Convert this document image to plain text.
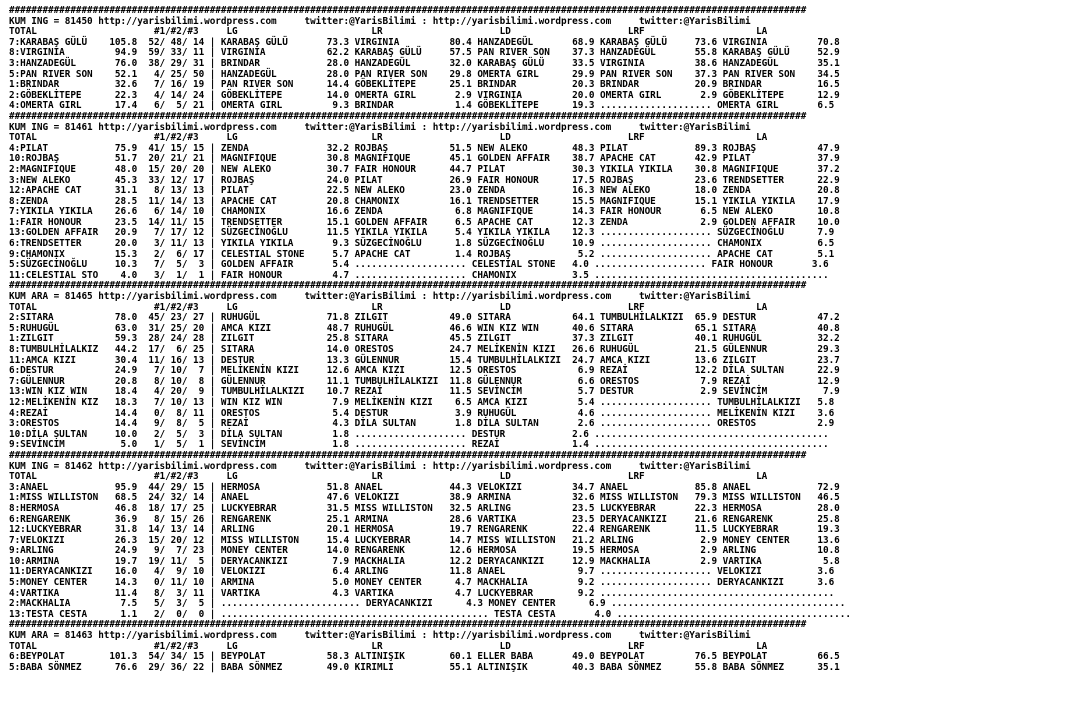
###############################################################################################################################################
KUM ING = 81450 http://yarisbilimi.wordpress.com     twitter:@YarisBilimi : http://yarisbilimi.wordpress.com     twitter:@YarisBilimi
TOTAL                     #1/#2/#3     LG                        LR                     LD                     LRF                    LA
7:KARABAŞ GÜLÜ    105.8  52/ 48/ 14 | KARABAŞ GÜLÜ       73.3 VIRGINIA         80.4 HANZADEGÜL       68.9 KARABAŞ GÜLÜ     73.6 VIRGINIA         70.8
8:VIRGINIA         94.9  59/ 33/ 11 | VIRGINIA           62.2 KARABAŞ GÜLÜ     57.5 PAN RIVER SON    37.3 HANZADEGÜL       55.8 KARABAŞ GÜLÜ     52.9
3:HANZADEGÜL       76.0  38/ 29/ 31 | BRINDAR            28.0 HANZADEGÜL       32.0 KARABAŞ GÜLÜ     33.5 VIRGINIA         38.6 HANZADEGÜL       35.1
5:PAN RIVER SON    52.1   4/ 25/ 50 | HANZADEGÜL         28.0 PAN RIVER SON    29.8 OMERTA GIRL      29.9 PAN RIVER SON    37.3 PAN RIVER SON    34.5
1:BRINDAR          32.6   7/ 16/ 19 | PAN RIVER SON      14.4 GÖBEKLİTEPE      25.1 BRINDAR          20.3 BRINDAR          20.9 BRINDAR          16.5
2:GÖBEKLİTEPE      22.3   4/ 14/ 24 | GÖBEKLİTEPE        14.0 OMERTA GIRL       2.9 VIRGINIA         20.0 OMERTA GIRL       2.9 GÖBEKLİTEPE      12.9
4:OMERTA GIRL      17.4   6/  5/ 21 | OMERTA GIRL         9.3 BRINDAR           1.4 GÖBEKLİTEPE      19.3 .................... OMERTA GIRL       6.5
###############################################################################################################################################
KUM ING = 81461 http://yarisbilimi.wordpress.com     twitter:@YarisBilimi : http://yarisbilimi.wordpress.com     twitter:@YarisBilimi
TOTAL                     #1/#2/#3     LG                        LR                     LD                     LRF                    LA
4:PILAT            75.9  41/ 15/ 15 | ZENDA              32.2 ROJBAŞ           51.5 NEW ALEKO        48.3 PILAT            89.3 ROJBAŞ           47.9
10:ROJBAŞ          51.7  20/ 21/ 21 | MAGNIFIQUE         30.8 MAGNIFIQUE       45.1 GOLDEN AFFAIR    38.7 APACHE CAT       42.9 PILAT            37.9
2:MAGNIFIQUE       48.0  15/ 20/ 20 | NEW ALEKO          30.7 FAIR HONOUR      44.7 PILAT            30.3 YIKILA YIKILA    30.8 MAGNIFIQUE       37.2
3:NEW ALEKO        45.3  33/ 12/ 17 | ROJBAŞ             24.0 PILAT            26.9 FAIR HONOUR      17.5 ROJBAŞ           23.6 TRENDSETTER      22.9
12:APACHE CAT      31.1   8/ 13/ 13 | PILAT              22.5 NEW ALEKO        23.0 ZENDA            16.3 NEW ALEKO        18.0 ZENDA            20.8
8:ZENDA            28.5  11/ 14/ 13 | APACHE CAT         20.8 CHAMONIX         16.1 TRENDSETTER      15.5 MAGNIFIQUE       15.1 YIKILA YIKILA    17.9
7:YIKILA YIKILA    26.6   6/ 14/ 10 | CHAMONIX           16.6 ZENDA             6.8 MAGNIFIQUE       14.3 FAIR HONOUR       6.5 NEW ALEKO        10.8
1:FAIR HONOUR      23.5  14/ 11/ 15 | TRENDSETTER        15.1 GOLDEN AFFAIR     6.5 APACHE CAT       12.3 ZENDA             2.9 GOLDEN AFFAIR    10.0
13:GOLDEN AFFAIR   20.9   7/ 17/ 12 | SÜZGECİNOĞLU       11.5 YIKILA YIKILA     5.4 YIKILA YIKILA    12.3 .................... SÜZGECİNOĞLU      7.9
6:TRENDSETTER      20.0   3/ 11/ 13 | YIKILA YIKILA       9.3 SÜZGECİNOĞLU      1.8 SÜZGECİNOĞLU     10.9 .................... CHAMONIX          6.5
9:CHAMONIX         15.3   2/  6/ 17 | CELESTIAL STONE     5.7 APACHE CAT        1.4 ROJBAŞ            5.2 .................... APACHE CAT        5.1
5:SÜZGECİNOĞLU     10.3   7/  5/  3 | GOLDEN AFFAIR       5.4 .................... CELESTIAL STONE   4.0 .................... FAIR HONOUR       3.6
11:CELESTIAL STO    4.0   3/  1/  1 | FAIR HONOUR         4.7 .................... CHAMONIX          3.5 ..........................................
###############################################################################################################################################
KUM ARA = 81465 http://yarisbilimi.wordpress.com     twitter:@YarisBilimi : http://yarisbilimi.wordpress.com     twitter:@YarisBilimi
TOTAL                     #1/#2/#3     LG                        LR                     LD                     LRF                    LA
2:SITARA           78.0  45/ 23/ 27 | RUHUGÜL            71.8 ZILGIT           49.0 SITARA           64.1 TUMBULHİLALKIZI  65.9 DESTUR           47.2
5:RUHUGÜL          63.0  31/ 25/ 20 | AMCA KIZI          48.7 RUHUGÜL          46.6 WIN KIZ WIN      40.6 SITARA           65.1 SITARA           40.8
1:ZILGIT           59.3  28/ 24/ 28 | ZILGIT             25.8 SITARA           45.5 ZILGIT           37.3 ZILGIT           40.1 RUHUGÜL          32.2
8:TUMBULHİLALKIZ   44.2  17/  6/ 25 | SITARA             14.0 ORESTOS          24.7 MELİKENİN KIZI   26.6 RUHUGÜL          21.5 GÜLENNUR         29.3
11:AMCA KIZI       30.4  11/ 16/ 13 | DESTUR             13.3 GÜLENNUR         15.4 TUMBULHİLALKIZI  24.7 AMCA KIZI        13.6 ZILGIT           23.7
6:DESTUR           24.9   7/ 10/  7 | MELİKENİN KIZI     12.6 AMCA KIZI        12.5 ORESTOS           6.9 REZAİ            12.2 DİLA SULTAN      22.9
7:GÜLENNUR         20.8   8/ 10/  8 | GÜLENNUR           11.1 TUMBULHİLALKIZI  11.8 GÜLENNUR          6.6 ORESTOS           7.9 REZAİ            12.9
13:WIN KIZ WIN     18.4   4/ 20/  9 | TUMBULHİLALKIZI    10.7 REZAİ            11.5 SEVİNCİM          5.7 DESTUR            2.9 SEVİNCİM          7.9
12:MELİKENİN KIZ   18.3   7/ 10/ 13 | WIN KIZ WIN         7.9 MELİKENİN KIZI    6.5 AMCA KIZI         5.4 .................... TUMBULHİLALKIZI   5.8
4:REZAİ            14.4   0/  8/ 11 | ORESTOS             5.4 DESTUR            3.9 RUHUGÜL           4.6 .................... MELİKENİN KIZI    3.6
3:ORESTOS          14.4   9/  8/  5 | REZAİ               4.3 DİLA SULTAN       1.8 DİLA SULTAN       2.6 .................... ORESTOS           2.9
10:DİLA SULTAN     10.0   2/  5/  3 | DİLA SULTAN         1.8 .................... DESTUR            2.6 ..........................................
9:SEVİNCİM          5.0   1/  5/  1 | SEVİNCİM            1.8 .................... REZAİ             1.4 ..........................................
###############################################################################################################################################
KUM ING = 81462 http://yarisbilimi.wordpress.com     twitter:@YarisBilimi : http://yarisbilimi.wordpress.com     twitter:@YarisBilimi
TOTAL                     #1/#2/#3     LG                        LR                     LD                     LRF                    LA
3:ANAEL            95.9  44/ 29/ 15 | HERMOSA            51.8 ANAEL            44.3 VELOKIZI         34.7 ANAEL            85.8 ANAEL            72.9
1:MISS WILLISTON   68.5  24/ 32/ 14 | ANAEL              47.6 VELOKIZI         38.9 ARMINA           32.6 MISS WILLISTON   79.3 MISS WILLISTON   46.5
8:HERMOSA          46.8  18/ 17/ 25 | LUCKYEBRAR         31.5 MISS WILLISTON   32.5 ARLING           23.5 LUCKYEBRAR       22.3 HERMOSA          28.0
6:RENGARENK        36.9   8/ 15/ 26 | RENGARENK          25.1 ARMINA           28.6 VARTIKA          23.5 DERYACANKIZI     21.6 RENGARENK        25.8
12:LUCKYEBRAR      31.8  14/ 13/ 14 | ARLING             20.1 HERMOSA          19.7 RENGARENK        22.4 RENGARENK        11.5 LUCKYEBRAR       19.3
7:VELOKIZI         26.3  15/ 20/ 12 | MISS WILLISTON     15.4 LUCKYEBRAR       14.7 MISS WILLISTON   21.2 ARLING            2.9 MONEY CENTER     13.6
9:ARLING           24.9   9/  7/ 23 | MONEY CENTER       14.0 RENGARENK        12.6 HERMOSA          19.5 HERMOSA           2.9 ARLING           10.8
10:ARMINA          19.7  19/ 11/  5 | DERYACANKIZI        7.9 MACKHALIA        12.2 DERYACANKIZI     12.9 MACKHALIA         2.9 VARTIKA           5.8
11:DERYACANKIZI    16.0   4/  9/ 10 | VELOKIZI            6.4 ARLING           11.8 ANAEL             9.7 .................... VELOKIZI          3.6
5:MONEY CENTER     14.3   0/ 11/ 10 | ARMINA              5.0 MONEY CENTER      4.7 MACKHALIA         9.2 .................... DERYACANKIZI      3.6
4:VARTIKA          11.4   8/  3/ 11 | VARTIKA             4.3 VARTIKA           4.7 LUCKYEBRAR        9.2 ..........................................
2:MACKHALIA         7.5   5/  3/  5 | ......................... DERYACANKIZI      4.3 MONEY CENTER      6.9 ..........................................
13:TESTA CESTA      1.1   2/  0/  0 | ................................................ TESTA CESTA       4.0 ..........................................
###############################################################################################################################################
KUM ARA = 81463 http://yarisbilimi.wordpress.com     twitter:@YarisBilimi : http://yarisbilimi.wordpress.com     twitter:@YarisBilimi
TOTAL                     #1/#2/#3     LG                        LR                     LD                     LRF                    LA
6:BEYPOLAT        101.3  54/ 34/ 15 | BEYPOLAT           58.3 ALTINIŞIK        60.1 ELLER BABA       49.0 BEYPOLAT         76.5 BEYPOLAT         66.5
5:BABA SÖNMEZ      76.6  29/ 36/ 22 | BABA SÖNMEZ        49.0 KIRIMLI          55.1 ALTINIŞIK        40.3 BABA SÖNMEZ      55.8 BABA SÖNMEZ      35.1
